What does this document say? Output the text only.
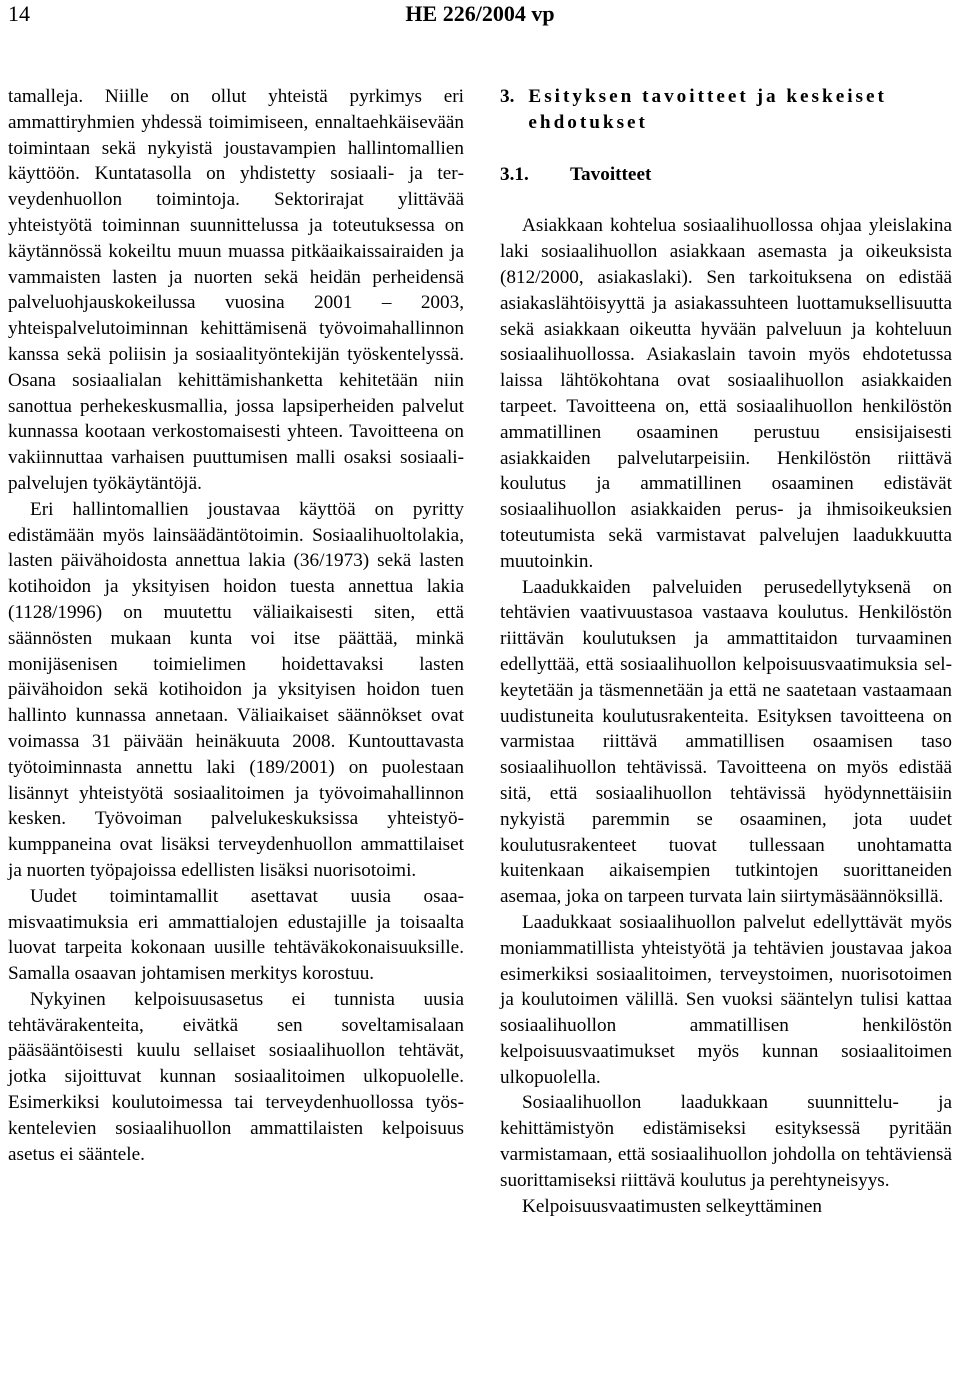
14	HE 226/2004 vp

tamalleja. Niille on ollut yhteistä pyrkimys eri ammattiryhmien yhdessä toimimiseen, ennaltaehkäisevään toimintaan sekä nykyistä joustavampien hallintomallien käyttöön. Kuntatasolla on yhdistetty sosiaali- ja terveydenhuollon toimintoja. Sektorirajat ylittävää yhteistyötä toiminnan suunnittelussa ja toteutuksessa on käytännössä kokeiltu muun muassa pitkäaikaissairaiden ja vammaisten lasten ja nuorten sekä heidän perheidensä palveluohjauskokeilussa vuosina 2001 – 2003, yhteispalvelutoiminnan kehittämisenä työvoimahallinnon kanssa sekä poliisin ja sosiaalityöntekijän työskentelyssä. Osana sosiaalialan kehittämishanketta kehitetään niin sanottua perhekeskusmallia, jossa lapsiperheiden palvelut kunnassa kootaan verkostomaisesti yhteen. Tavoitteena on vakiinnuttaa varhaisen puuttumisen malli osaksi sosiaalipalvelujen työkäytäntöjä.

Eri hallintomallien joustavaa käyttöä on pyritty edistämään myös lainsäädäntötoimin. Sosiaalihuoltolakia, lasten päivähoidosta annettua lakia (36/1973) sekä lasten kotihoidon ja yksityisen hoidon tuesta annettua lakia (1128/1996) on muutettu väliaikaisesti siten, että säännösten mukaan kunta voi itse päättää, minkä monijäsenisen toimielimen hoidettavaksi lasten päivähoidon sekä kotihoidon ja yksityisen hoidon tuen hallinto kunnassa annetaan. Väliaikaiset säännökset ovat voimassa 31 päivään heinäkuuta 2008. Kuntouttavasta työtoiminnasta annettu laki (189/2001) on puolestaan lisännyt yhteistyötä sosiaalitoimen ja työvoimahallinnon kesken. Työvoiman palvelukeskuksissa yhteistyökumppaneina ovat lisäksi terveydenhuollon ammattilaiset ja nuorten työpajoissa edellisten lisäksi nuorisotoimi.

Uudet toimintamallit asettavat uusia osaamisvaatimuksia eri ammattialojen edustajille ja toisaalta luovat tarpeita kokonaan uusille tehtäväkokonaisuuksille. Samalla osaavan johtamisen merkitys korostuu.

Nykyinen kelpoisuusasetus ei tunnista uusia tehtävärakenteita, eivätkä sen soveltamisalaan pääsääntöisesti kuulu sellaiset sosiaalihuollon tehtävät, jotka sijoittuvat kunnan sosiaalitoimen ulkopuolelle. Esimerkiksi koulutoimessa tai terveydenhuollossa työskentelevien sosiaalihuollon ammattilaisten kelpoisuus asetus ei sääntele.

3. Esityksen tavoitteet ja keskeiset ehdotukset
3.1.	Tavoitteet

Asiakkaan kohtelua sosiaalihuollossa ohjaa yleislakina laki sosiaalihuollon asiakkaan asemasta ja oikeuksista (812/2000, asiakaslaki). Sen tarkoituksena on edistää asiakaslähtöisyyttä ja asiakassuhteen luottamuksellisuutta sekä asiakkaan oikeutta hyvään palveluun ja kohteluun sosiaalihuollossa. Asiakaslain tavoin myös ehdotetussa laissa lähtökohtana ovat sosiaalihuollon asiakkaiden tarpeet. Tavoitteena on, että sosiaalihuollon henkilöstön ammatillinen osaaminen perustuu ensisijaisesti asiakkaiden palvelutarpeisiin. Henkilöstön riittävä koulutus ja ammatillinen osaaminen edistävät sosiaalihuollon asiakkaiden perus- ja ihmisoikeuksien toteutumista sekä varmistavat palvelujen laadukkuutta muutoinkin.

Laadukkaiden palveluiden perusedellytyksenä on tehtävien vaativuustasoa vastaava koulutus. Henkilöstön riittävän koulutuksen ja ammattitaidon turvaaminen edellyttää, että sosiaalihuollon kelpoisuusvaatimuksia selkeytetään ja täsmennetään ja että ne saatetaan vastaamaan uudistuneita koulutusrakenteita. Esityksen tavoitteena on varmistaa riittävä ammatillisen osaamisen taso sosiaalihuollon tehtävissä. Tavoitteena on myös edistää sitä, että sosiaalihuollon tehtävissä hyödynnettäisiin nykyistä paremmin se osaaminen, jota uudet koulutusrakenteet tuovat tullessaan unohtamatta kuitenkaan aikaisempien tutkintojen suorittaneiden asemaa, joka on tarpeen turvata lain siirtymäsäännöksillä.

Laadukkaat sosiaalihuollon palvelut edellyttävät myös moniammatillista yhteistyötä ja tehtävien joustavaa jakoa esimerkiksi sosiaalitoimen, terveystoimen, nuorisotoimen ja koulutoimen välillä. Sen vuoksi sääntelyn tulisi kattaa sosiaalihuollon ammatillisen henkilöstön kelpoisuusvaatimukset myös kunnan sosiaalitoimen ulkopuolella.

Sosiaalihuollon laadukkaan suunnittelu- ja kehittämistyön edistämiseksi esityksessä pyritään varmistamaan, että sosiaalihuollon johdolla on tehtäviensä suorittamiseksi riittävä koulutus ja perehtyneisyys.

Kelpoisuusvaatimusten selkeyttäminen
